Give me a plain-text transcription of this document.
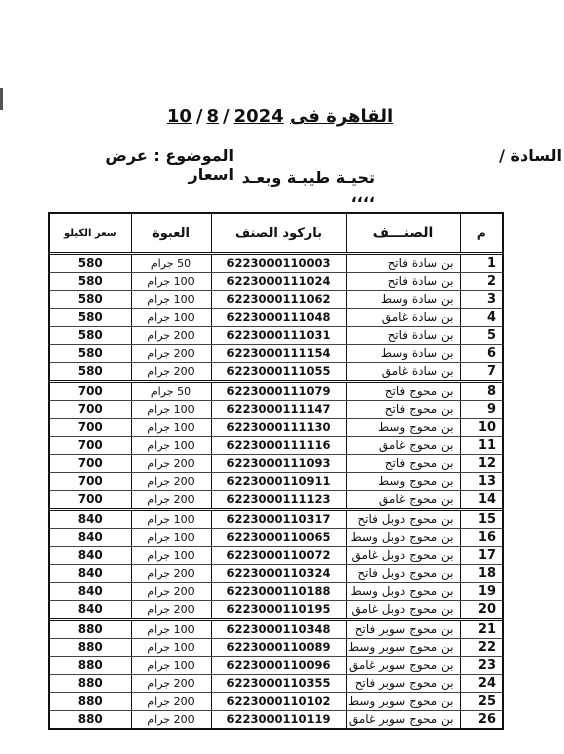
القاهرة فى 10 / 8 / 2024
السادة /
الموضوع : عرض اسعار تحيـة طيبـة وبعـد ،،،،
م	الصنـــف	باركود الصنف	العبوة	سعر الكيلو
1	بن سادة فاتح	6223000110003	50 جرام	580
2	بن سادة فاتح	6223000111024	100 جرام	580
3	بن سادة وسط	6223000111062	100 جرام	580
4	بن سادة غامق	6223000111048	100 جرام	580
5	بن سادة فاتح	6223000111031	200 جرام	580
6	بن سادة وسط	6223000111154	200 جرام	580
7	بن سادة غامق	6223000111055	200 جرام	580
8	بن محوج فاتح	6223000111079	50 جرام	700
9	بن محوج فاتح	6223000111147	100 جرام	700
10	بن محوج وسط	6223000111130	100 جرام	700
11	بن محوج غامق	6223000111116	100 جرام	700
12	بن محوج فاتح	6223000111093	200 جرام	700
13	بن محوج وسط	6223000110911	200 جرام	700
14	بن محوج غامق	6223000111123	200 جرام	700
15	بن محوج دوبل فاتح	6223000110317	100 جرام	840
16	بن محوج دوبل وسط	6223000110065	100 جرام	840
17	بن محوج دوبل غامق	6223000110072	100 جرام	840
18	بن محوج دوبل فاتح	6223000110324	200 جرام	840
19	بن محوج دوبل وسط	6223000110188	200 جرام	840
20	بن محوج دوبل غامق	6223000110195	200 جرام	840
21	بن محوج سوبر فاتح	6223000110348	100 جرام	880
22	بن محوج سوبر وسط	6223000110089	100 جرام	880
23	بن محوج سوبر غامق	6223000110096	100 جرام	880
24	بن محوج سوبر فاتح	6223000110355	200 جرام	880
25	بن محوج سوبر وسط	6223000110102	200 جرام	880
26	بن محوج سوبر غامق	6223000110119	200 جرام	880
